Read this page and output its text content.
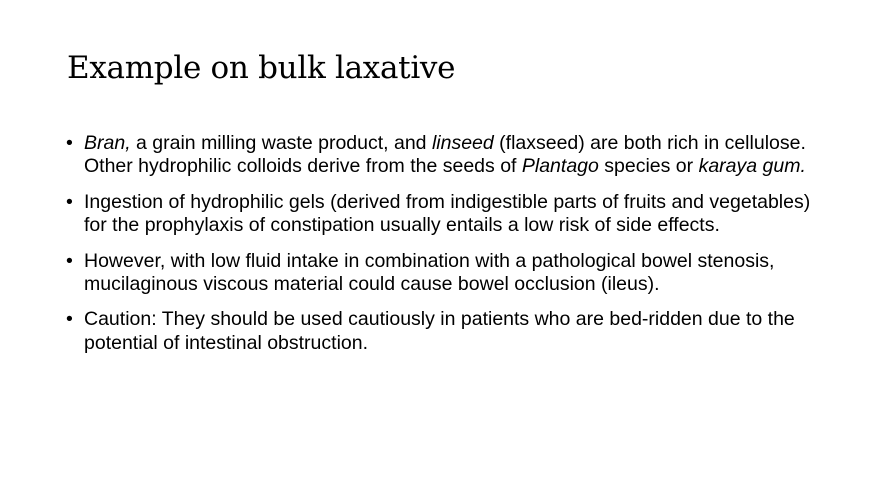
Example on bulk laxative
• Bran, a grain milling waste product, and linseed (flaxseed) are both rich in cellulose. Other hydrophilic colloids derive from the seeds of Plantago species or karaya gum.
• Ingestion of hydrophilic gels (derived from indigestible parts of fruits and vegetables) for the prophylaxis of constipation usually entails a low risk of side effects.
• However, with low fluid intake in combination with a pathological bowel stenosis, mucilaginous viscous material could cause bowel occlusion (ileus).
• Caution: They should be used cautiously in patients who are bed-ridden due to the potential of intestinal obstruction.
